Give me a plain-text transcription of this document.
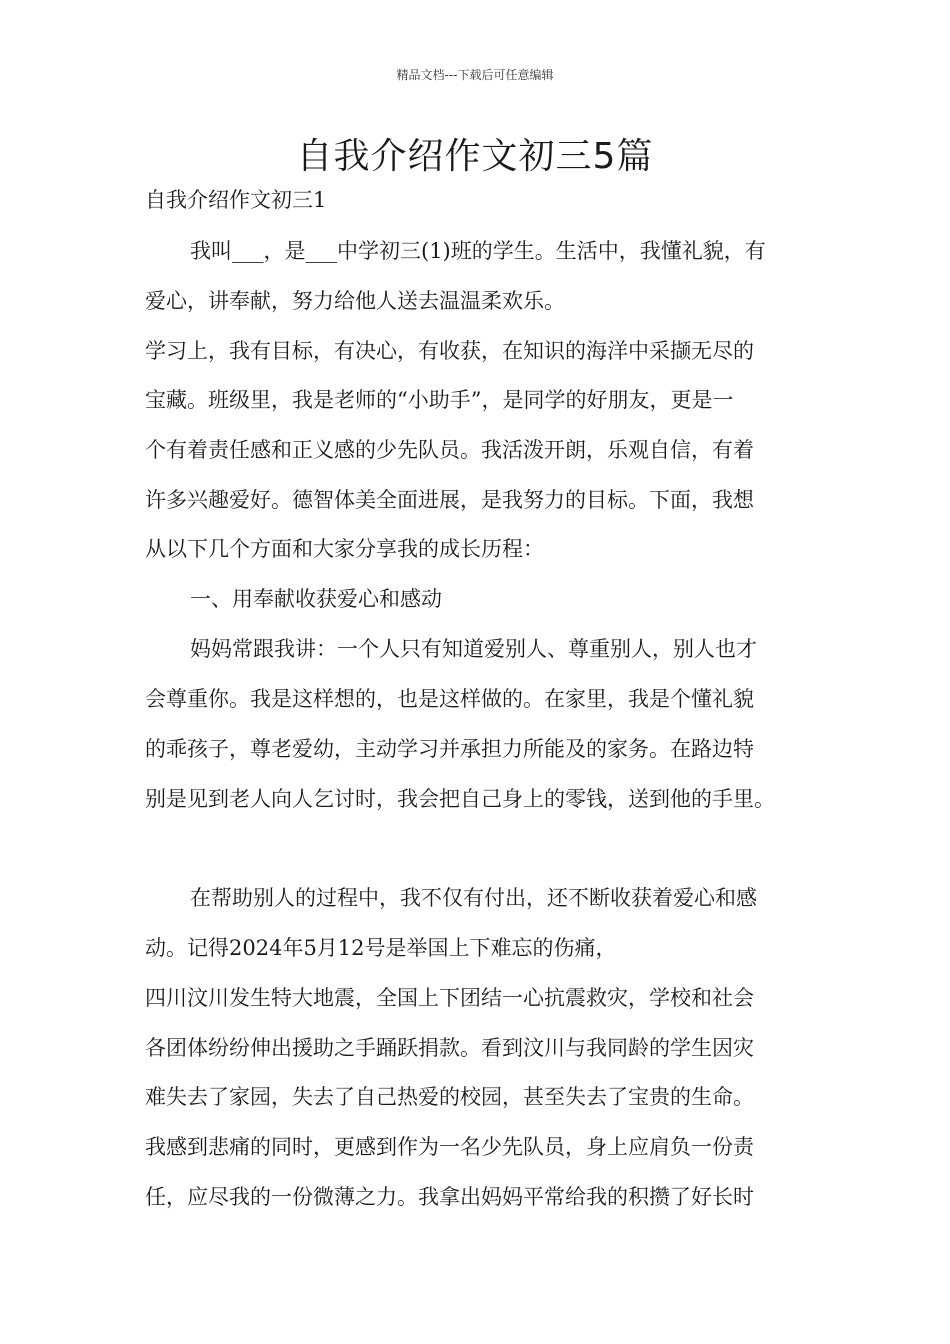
精品文档---下载后可任意编辑
自我介绍作文初三5篇
自我介绍作文初三1
我叫___，是___中学初三(1)班的学生。生活中，我懂礼貌，有
爱心，讲奉献，努力给他人送去温温柔欢乐。
学习上，我有目标，有决心，有收获，在知识的海洋中采撷无尽的
宝藏。班级里，我是老师的“小助手”，是同学的好朋友，更是一
个有着责任感和正义感的少先队员。我活泼开朗，乐观自信，有着
许多兴趣爱好。德智体美全面进展，是我努力的目标。下面，我想
从以下几个方面和大家分享我的成长历程：
一、用奉献收获爱心和感动
妈妈常跟我讲：一个人只有知道爱别人、尊重别人，别人也才
会尊重你。我是这样想的，也是这样做的。在家里，我是个懂礼貌
的乖孩子，尊老爱幼，主动学习并承担力所能及的家务。在路边特
别是见到老人向人乞讨时，我会把自己身上的零钱，送到他的手里。
在帮助别人的过程中，我不仅有付出，还不断收获着爱心和感
动。记得2024年5月12号是举国上下难忘的伤痛，
四川汶川发生特大地震，全国上下团结一心抗震救灾，学校和社会
各团体纷纷伸出援助之手踊跃捐款。看到汶川与我同龄的学生因灾
难失去了家园，失去了自己热爱的校园，甚至失去了宝贵的生命。
我感到悲痛的同时，更感到作为一名少先队员，身上应肩负一份责
任，应尽我的一份微薄之力。我拿出妈妈平常给我的积攒了好长时
